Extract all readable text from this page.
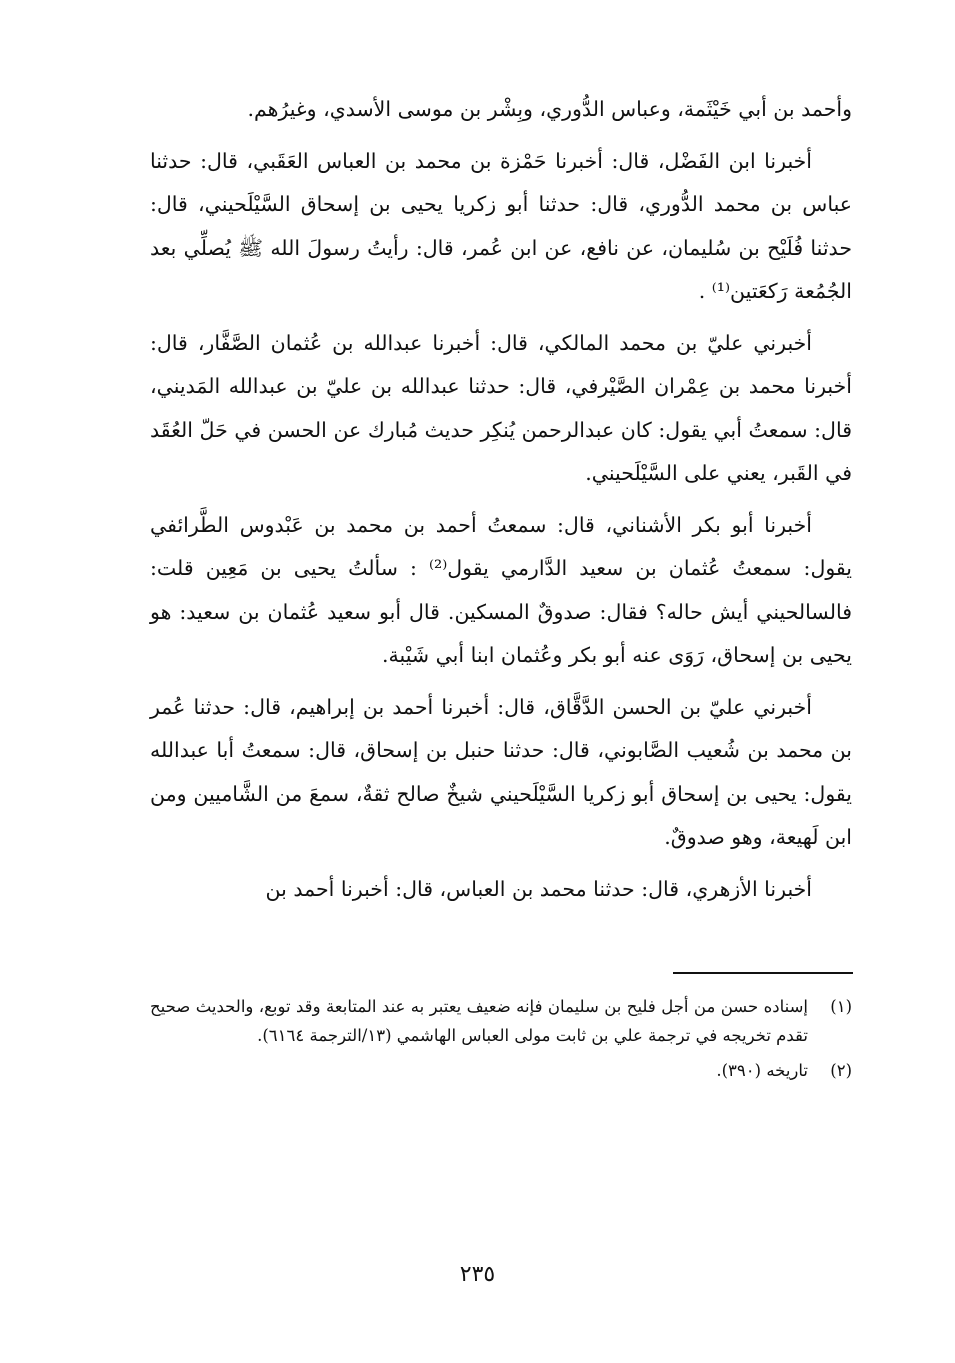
وأحمد بن أبي خَيْثَمة، وعباس الدُّوري، وبِشْر بن موسى الأسدي، وغيرُهم.

أخبرنا ابن الفَضْل، قال: أخبرنا حَمْزة بن محمد بن العباس العَقَبي، قال: حدثنا عباس بن محمد الدُّوري، قال: حدثنا أبو زكريا يحيى بن إسحاق السَّيْلَحيني، قال: حدثنا فُلَيْح بن سُليمان، عن نافع، عن ابن عُمر، قال: رأيتُ رسولَ الله ﷺ يُصلِّي بعد الجُمُعة رَكعَتين⁽¹⁾ .

أخبرني عليّ بن محمد المالكي، قال: أخبرنا عبدالله بن عُثمان الصَّفَّار، قال: أخبرنا محمد بن عِمْران الصَّيْرفي، قال: حدثنا عبدالله بن عليّ بن عبدالله المَديني، قال: سمعتُ أبي يقول: كان عبدالرحمن يُنكِر حديث مُبارك عن الحسن في حَلّ العُقَد في القَبر، يعني على السَّيْلَحيني.

أخبرنا أبو بكر الأشناني، قال: سمعتُ أحمد بن محمد بن عَبْدوس الطَّرائفي يقول: سمعتُ عُثمان بن سعيد الدَّارمي يقول⁽²⁾ : سألتُ يحيى بن مَعِين قلت: فالسالحيني أيش حاله؟ فقال: صدوقٌ المسكين. قال أبو سعيد عُثمان بن سعيد: هو يحيى بن إسحاق، رَوَى عنه أبو بكر وعُثمان ابنا أبي شَيْبة.

أخبرني عليّ بن الحسن الدَّقَّاق، قال: أخبرنا أحمد بن إبراهيم، قال: حدثنا عُمر بن محمد بن شُعيب الصَّابوني، قال: حدثنا حنبل بن إسحاق، قال: سمعتُ أبا عبدالله يقول: يحيى بن إسحاق أبو زكريا السَّيْلَحيني شيخٌ صالح ثقةٌ، سمعَ من الشَّاميين ومن ابن لَهيعة، وهو صدوقٌ.

أخبرنا الأزهري، قال: حدثنا محمد بن العباس، قال: أخبرنا أحمد بن

(١)
إسناده حسن من أجل فليح بن سليمان فإنه ضعيف يعتبر به عند المتابعة وقد توبع، والحديث صحيح تقدم تخريجه في ترجمة علي بن ثابت مولى العباس الهاشمي (١٣/الترجمة ٦١٦٤).
(٢)
تاريخه (٣٩٠).
٢٣٥
